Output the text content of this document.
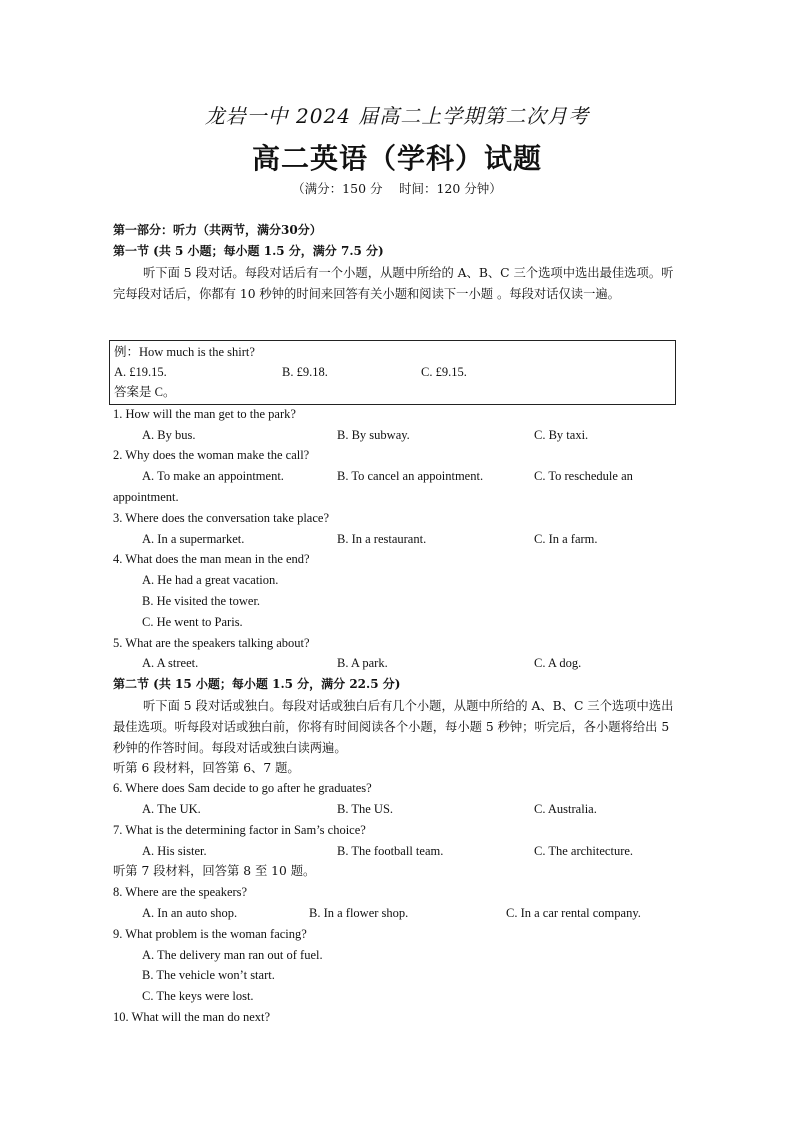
龙岩一中 2024 届高二上学期第二次月考
高二英语（学科）试题
（满分：150 分　 时间：120 分钟）
第一部分：听力（共两节，满分30分）
第一节 (共 5 小题；每小题 1.5 分，满分 7.5 分)
听下面 5 段对话。每段对话后有一个小题，从题中所给的 A、B、C 三个选项中选出最佳选项。听完每段对话后，你都有 10 秒钟的时间来回答有关小题和阅读下一小题 。每段对话仅读一遍。
例：How much is the shirt?
A. £19.15.	B. £9.18.	C. £9.15.
答案是 C。
1. How will the man get to the park?
A. By bus.	B. By subway.	C. By taxi.
2. Why does the woman make the call?
A. To make an appointment.	B. To cancel an appointment.	C. To reschedule an
appointment.
3. Where does the conversation take place?
A. In a supermarket.	B. In a restaurant.	C. In a farm.
4. What does the man mean in the end?
A. He had a great vacation.
B. He visited the tower.
C. He went to Paris.
5. What are the speakers talking about?
A. A street.	B. A park.	C. A dog.
第二节 (共 15 小题；每小题 1.5 分，满分 22.5 分)
听下面 5 段对话或独白。每段对话或独白后有几个小题，从题中所给的 A、B、C 三个选项中选出最佳选项。听每段对话或独白前，你将有时间阅读各个小题，每小题 5 秒钟；听完后，各小题将给出 5 秒钟的作答时间。每段对话或独白读两遍。
听第 6 段材料，回答第 6、7 题。
6. Where does Sam decide to go after he graduates?
A. The UK.	B. The US.	C. Australia.
7. What is the determining factor in Sam’s choice?
A. His sister.	B. The football team.	C. The architecture.
听第 7 段材料，回答第 8 至 10 题。
8. Where are the speakers?
A. In an auto shop.	B. In a flower shop.	C. In a car rental company.
9. What problem is the woman facing?
A. The delivery man ran out of fuel.
B. The vehicle won’t start.
C. The keys were lost.
10. What will the man do next?
